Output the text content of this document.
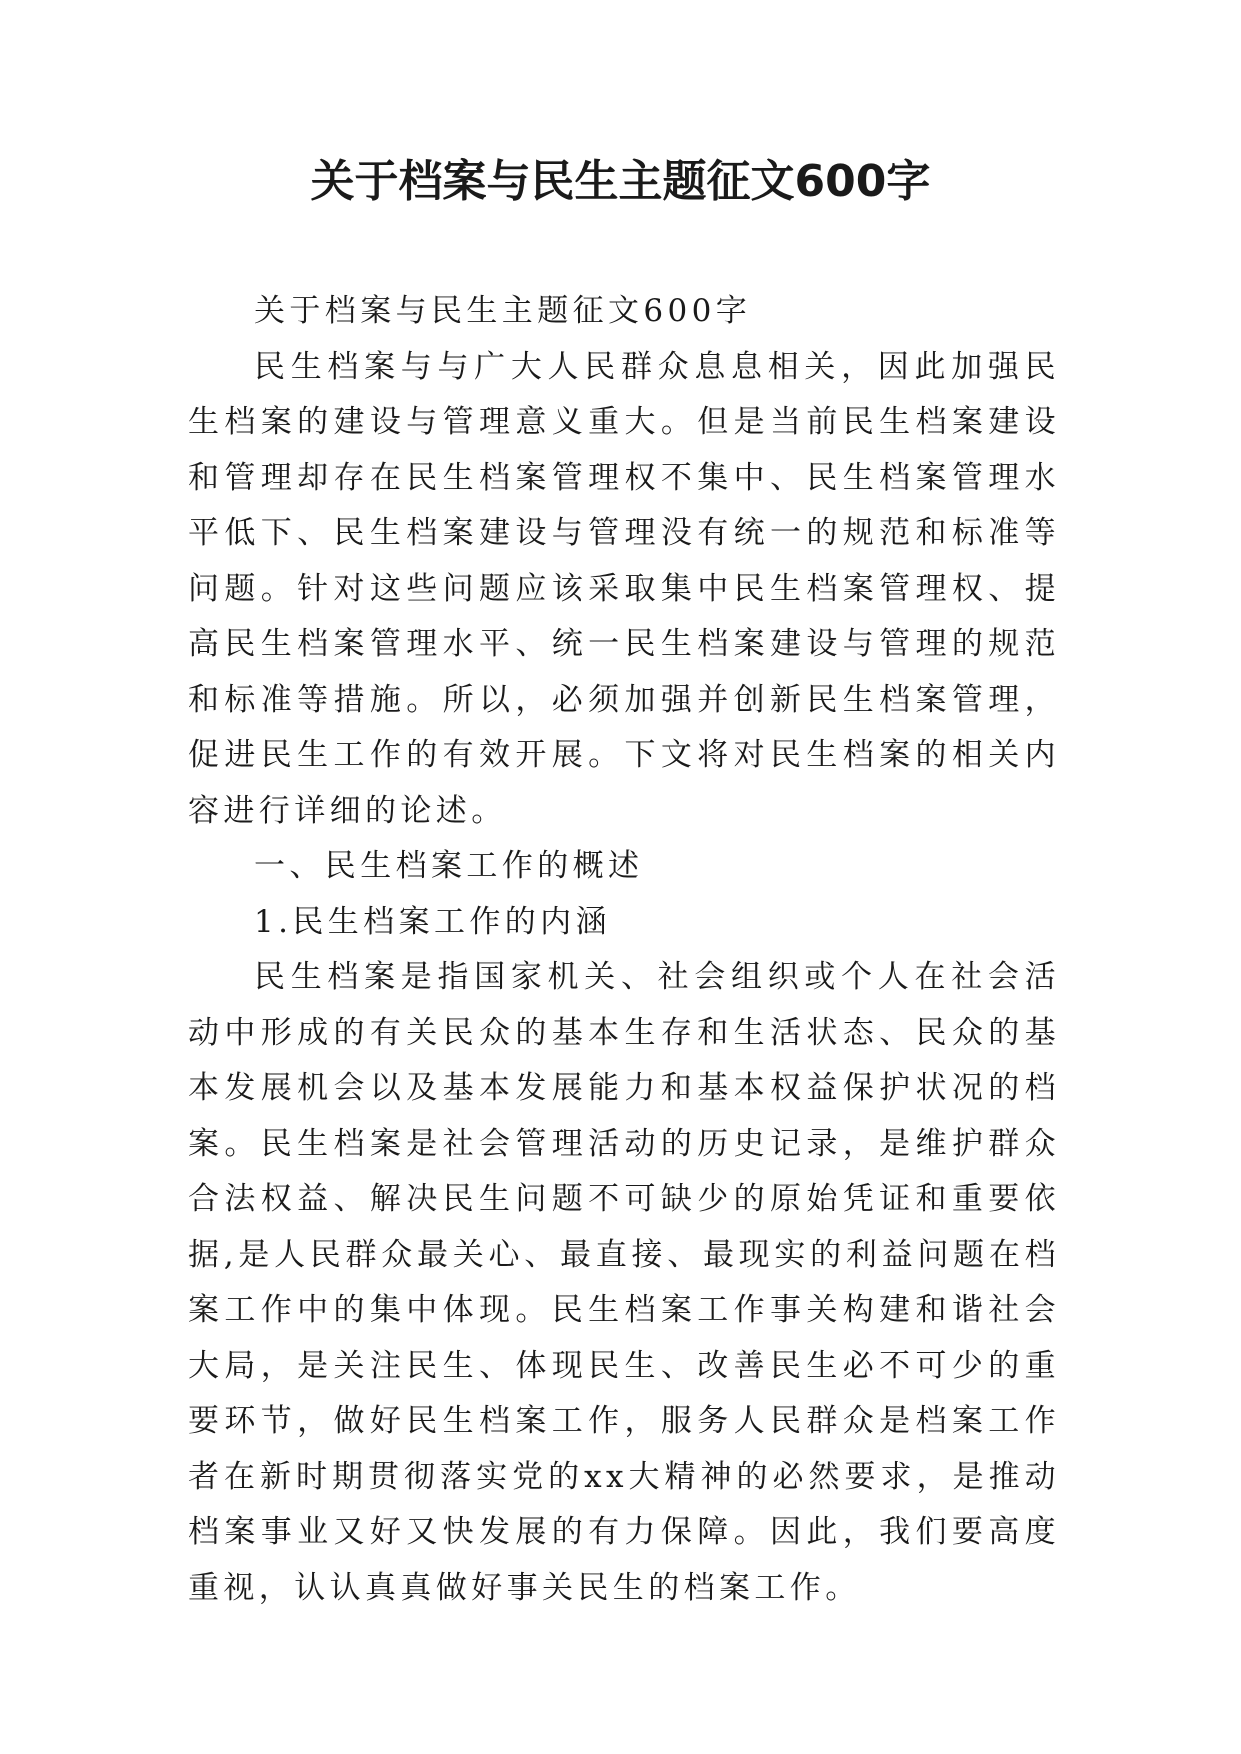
关于档案与民生主题征文600字

关于档案与民生主题征文600字

民生档案与与广大人民群众息息相关，因此加强民生档案的建设与管理意义重大。但是当前民生档案建设和管理却存在民生档案管理权不集中、民生档案管理水平低下、民生档案建设与管理没有统一的规范和标准等问题。针对这些问题应该采取集中民生档案管理权、提高民生档案管理水平、统一民生档案建设与管理的规范和标准等措施。所以，必须加强并创新民生档案管理，促进民生工作的有效开展。下文将对民生档案的相关内容进行详细的论述。

一、民生档案工作的概述

1.民生档案工作的内涵

民生档案是指国家机关、社会组织或个人在社会活动中形成的有关民众的基本生存和生活状态、民众的基本发展机会以及基本发展能力和基本权益保护状况的档案。民生档案是社会管理活动的历史记录，是维护群众合法权益、解决民生问题不可缺少的原始凭证和重要依据,是人民群众最关心、最直接、最现实的利益问题在档案工作中的集中体现。民生档案工作事关构建和谐社会大局，是关注民生、体现民生、改善民生必不可少的重要环节，做好民生档案工作，服务人民群众是档案工作者在新时期贯彻落实党的xx大精神的必然要求，是推动档案事业又好又快发展的有力保障。因此，我们要高度重视，认认真真做好事关民生的档案工作。
